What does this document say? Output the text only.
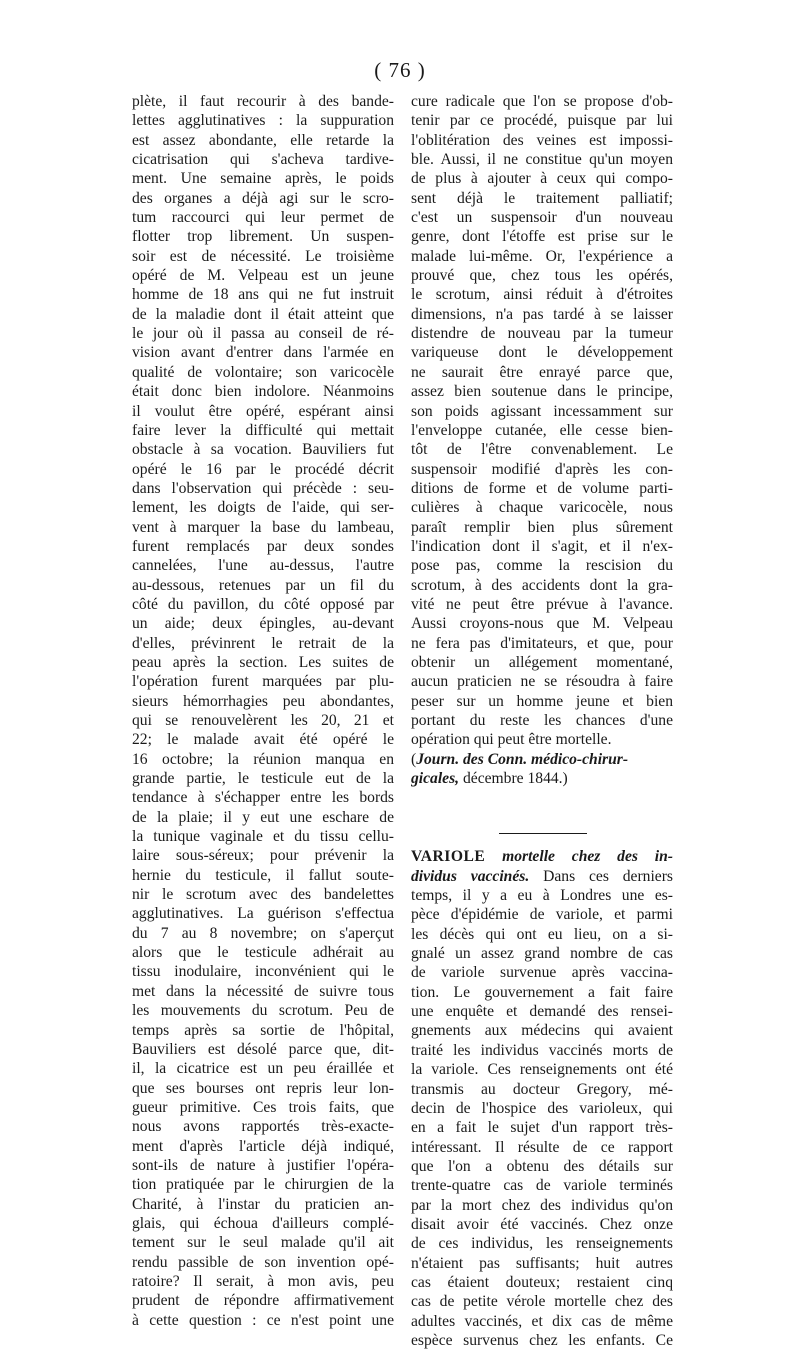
( 76 )
plète, il faut recourir à des bande-
lettes agglutinatives : la suppuration
est assez abondante, elle retarde la
cicatrisation qui s'acheva tardive-
ment. Une semaine après, le poids
des organes a déjà agi sur le scro-
tum raccourci qui leur permet de
flotter trop librement. Un suspen-
soir est de nécessité. Le troisième
opéré de M. Velpeau est un jeune
homme de 18 ans qui ne fut instruit
de la maladie dont il était atteint que
le jour où il passa au conseil de ré-
vision avant d'entrer dans l'armée en
qualité de volontaire; son varicocèle
était donc bien indolore. Néanmoins
il voulut être opéré, espérant ainsi
faire lever la difficulté qui mettait
obstacle à sa vocation. Bauviliers fut
opéré le 16 par le procédé décrit
dans l'observation qui précède : seu-
lement, les doigts de l'aide, qui ser-
vent à marquer la base du lambeau,
furent remplacés par deux sondes
cannelées, l'une au-dessus, l'autre
au-dessous, retenues par un fil du
côté du pavillon, du côté opposé par
un aide; deux épingles, au-devant
d'elles, prévinrent le retrait de la
peau après la section. Les suites de
l'opération furent marquées par plu-
sieurs hémorrhagies peu abondantes,
qui se renouvelèrent les 20, 21 et
22; le malade avait été opéré le
16 octobre; la réunion manqua en
grande partie, le testicule eut de la
tendance à s'échapper entre les bords
de la plaie; il y eut une eschare de
la tunique vaginale et du tissu cellu-
laire sous-séreux; pour prévenir la
hernie du testicule, il fallut soute-
nir le scrotum avec des bandelettes
agglutinatives. La guérison s'effectua
du 7 au 8 novembre; on s'aperçut
alors que le testicule adhérait au
tissu inodulaire, inconvénient qui le
met dans la nécessité de suivre tous
les mouvements du scrotum. Peu de
temps après sa sortie de l'hôpital,
Bauviliers est désolé parce que, dit-
il, la cicatrice est un peu éraillée et
que ses bourses ont repris leur lon-
gueur primitive. Ces trois faits, que
nous avons rapportés très-exacte-
ment d'après l'article déjà indiqué,
sont-ils de nature à justifier l'opéra-
tion pratiquée par le chirurgien de la
Charité, à l'instar du praticien an-
glais, qui échoua d'ailleurs complé-
tement sur le seul malade qu'il ait
rendu passible de son invention opé-
ratoire? Il serait, à mon avis, peu
prudent de répondre affirmativement
à cette question : ce n'est point une
cure radicale que l'on se propose d'ob-
tenir par ce procédé, puisque par lui
l'oblitération des veines est impossi-
ble. Aussi, il ne constitue qu'un moyen
de plus à ajouter à ceux qui compo-
sent déjà le traitement palliatif;
c'est un suspensoir d'un nouveau
genre, dont l'étoffe est prise sur le
malade lui-même. Or, l'expérience a
prouvé que, chez tous les opérés,
le scrotum, ainsi réduit à d'étroites
dimensions, n'a pas tardé à se laisser
distendre de nouveau par la tumeur
variqueuse dont le développement
ne saurait être enrayé parce que,
assez bien soutenue dans le principe,
son poids agissant incessamment sur
l'enveloppe cutanée, elle cesse bien-
tôt de l'être convenablement. Le
suspensoir modifié d'après les con-
ditions de forme et de volume parti-
culières à chaque varicocèle, nous
paraît remplir bien plus sûrement
l'indication dont il s'agit, et il n'ex-
pose pas, comme la rescision du
scrotum, à des accidents dont la gra-
vité ne peut être prévue à l'avance.
Aussi croyons-nous que M. Velpeau
ne fera pas d'imitateurs, et que, pour
obtenir un allégement momentané,
aucun praticien ne se résoudra à faire
peser sur un homme jeune et bien
portant du reste les chances d'une
opération qui peut être mortelle.
(Journ. des Conn. médico-chirur-
gicales, décembre 1844.)
VARIOLE mortelle chez des in-
dividus vaccinés. Dans ces derniers
temps, il y a eu à Londres une es-
pèce d'épidémie de variole, et parmi
les décès qui ont eu lieu, on a si-
gnalé un assez grand nombre de cas
de variole survenue après vaccina-
tion. Le gouvernement a fait faire
une enquête et demandé des rensei-
gnements aux médecins qui avaient
traité les individus vaccinés morts de
la variole. Ces renseignements ont été
transmis au docteur Gregory, mé-
decin de l'hospice des varioleux, qui
en a fait le sujet d'un rapport très-
intéressant. Il résulte de ce rapport
que l'on a obtenu des détails sur
trente-quatre cas de variole terminés
par la mort chez des individus qu'on
disait avoir été vaccinés. Chez onze
de ces individus, les renseignements
n'étaient pas suffisants; huit autres
cas étaient douteux; restaient cinq
cas de petite vérole mortelle chez des
adultes vaccinés, et dix cas de même
espèce survenus chez les enfants. Ce
